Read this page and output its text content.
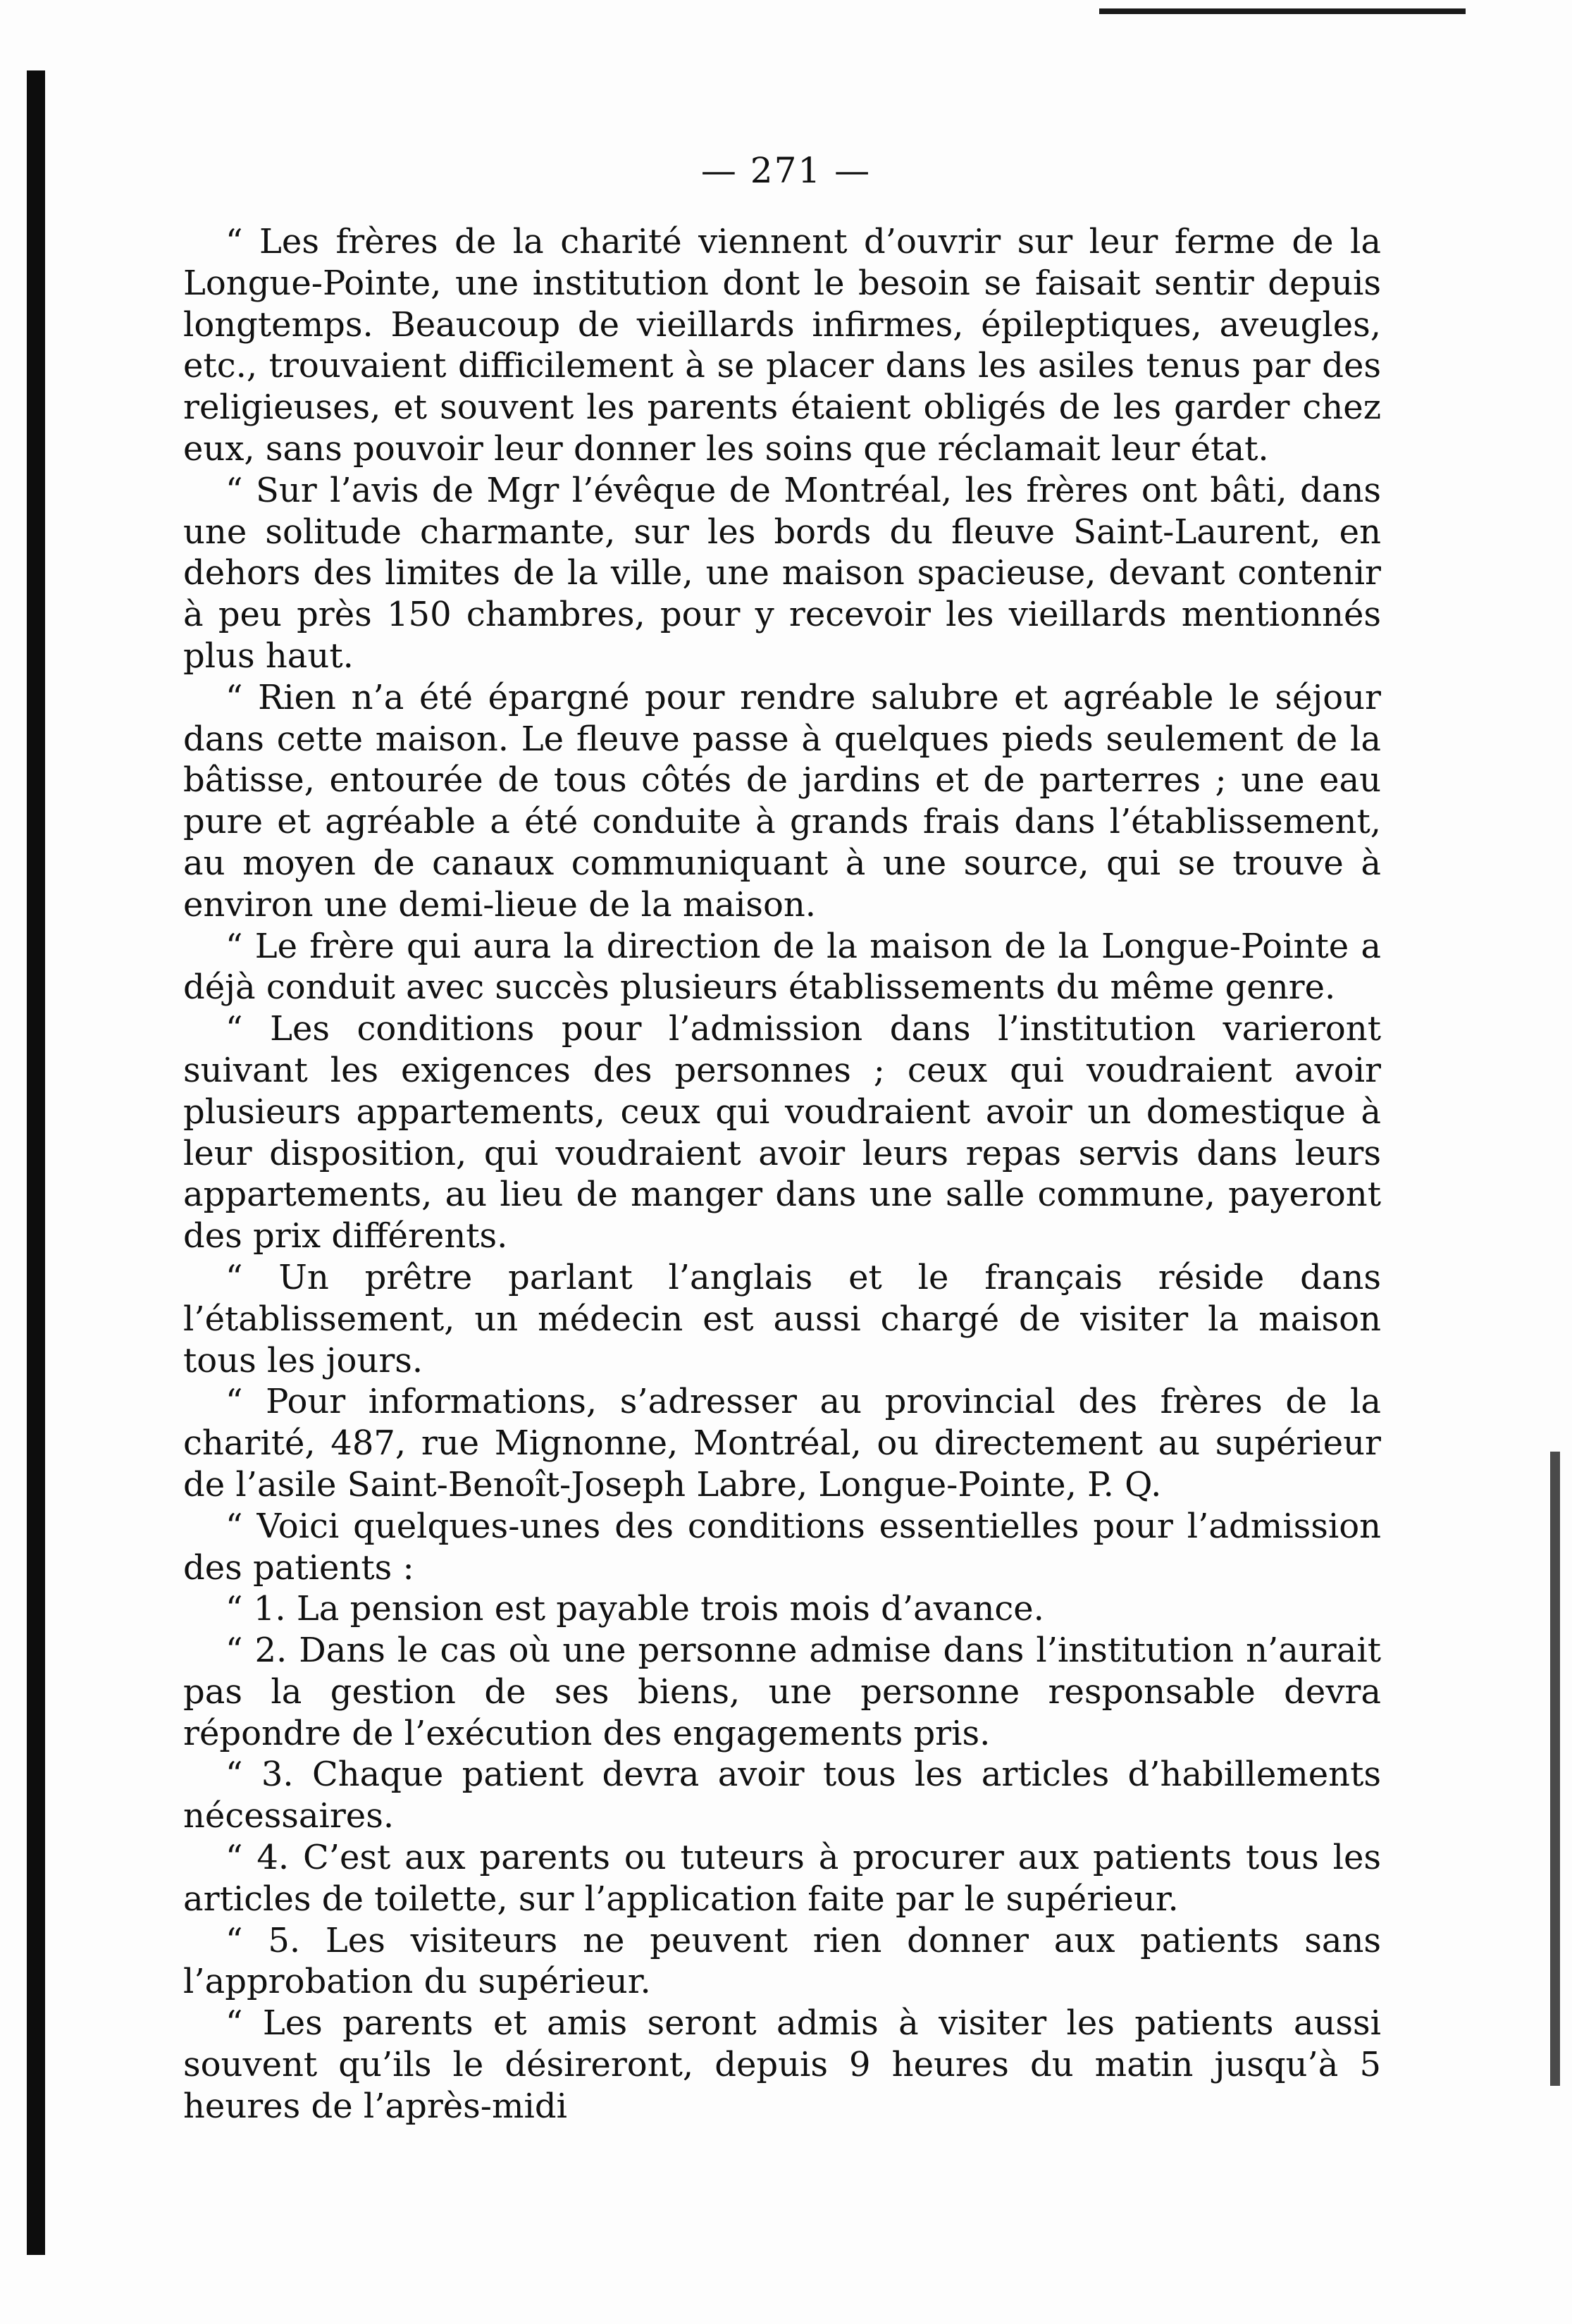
— 271 —

“ Les frères de la charité viennent d’ouvrir sur leur ferme de la Longue-Pointe, une institution dont le besoin se faisait sentir depuis longtemps. Beaucoup de vieillards infirmes, épileptiques, aveugles, etc., trouvaient difficilement à se placer dans les asiles tenus par des religieuses, et souvent les parents étaient obligés de les garder chez eux, sans pouvoir leur donner les soins que réclamait leur état.

“ Sur l’avis de Mgr l’évêque de Montréal, les frères ont bâti, dans une solitude charmante, sur les bords du fleuve Saint-Laurent, en dehors des limites de la ville, une maison spacieuse, devant contenir à peu près 150 chambres, pour y recevoir les vieillards mentionnés plus haut.

“ Rien n’a été épargné pour rendre salubre et agréable le séjour dans cette maison. Le fleuve passe à quelques pieds seulement de la bâtisse, entourée de tous côtés de jardins et de parterres ; une eau pure et agréable a été conduite à grands frais dans l’établissement, au moyen de canaux communiquant à une source, qui se trouve à environ une demi-lieue de la maison.

“ Le frère qui aura la direction de la maison de la Longue-Pointe a déjà conduit avec succès plusieurs établissements du même genre.

“ Les conditions pour l’admission dans l’institution varieront suivant les exigences des personnes ; ceux qui voudraient avoir plusieurs appartements, ceux qui voudraient avoir un domestique à leur disposition, qui voudraient avoir leurs repas servis dans leurs appartements, au lieu de manger dans une salle commune, payeront des prix différents.

“ Un prêtre parlant l’anglais et le français réside dans l’établissement, un médecin est aussi chargé de visiter la maison tous les jours.

“ Pour informations, s’adresser au provincial des frères de la charité, 487, rue Mignonne, Montréal, ou directement au supérieur de l’asile Saint-Benoît-Joseph Labre, Longue-Pointe, P. Q.

“ Voici quelques-unes des conditions essentielles pour l’admission des patients :

“ 1. La pension est payable trois mois d’avance.

“ 2. Dans le cas où une personne admise dans l’institution n’aurait pas la gestion de ses biens, une personne responsable devra répondre de l’exécution des engagements pris.

“ 3. Chaque patient devra avoir tous les articles d’habillements nécessaires.

“ 4. C’est aux parents ou tuteurs à procurer aux patients tous les articles de toilette, sur l’application faite par le supérieur.

“ 5. Les visiteurs ne peuvent rien donner aux patients sans l’approbation du supérieur.

“ Les parents et amis seront admis à visiter les patients aussi souvent qu’ils le désireront, depuis 9 heures du matin jusqu’à 5 heures de l’après-midi
